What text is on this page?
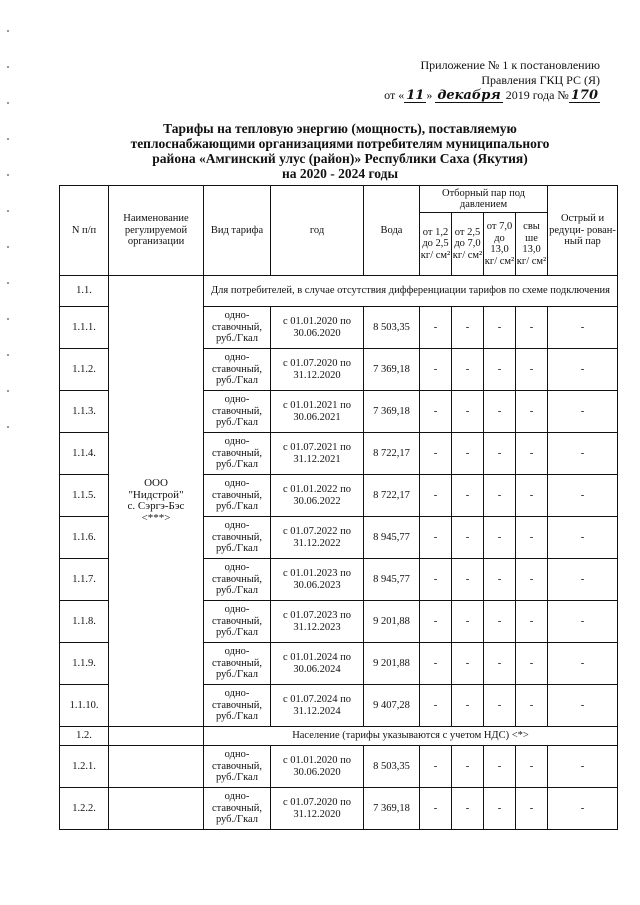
Приложение № 1 к постановлению
Правления ГКЦ РС (Я)
от « 11 » декабря 2019 года № 170
Тарифы на тепловую энергию (мощность), поставляемую
теплоснабжающими организациями потребителям муниципального
района «Амгинский улус (район)» Республики Саха (Якутия)
на 2020 - 2024 годы
N п/п	Наименование регулируемой организации	Вид тарифа	год	Вода	Отборный пар под давлением				Острый и редуци- рован- ный пар
					от 1,2 до 2,5 кг/ см²	от 2,5 до 7,0 кг/ см²	от 7,0 до 13,0 кг/ см²	свы ше 13,0 кг/ см²	
1.1.	ООО
"Нидстрой"
с. Сэргэ-Бэс
<***>	Для потребителей, в случае отсутствия дифференциации тарифов по схеме подключения							
1.1.1.		одно- ставочный, руб./Гкал	с 01.01.2020 по 30.06.2020	8 503,35	-	-	-	-	-
1.1.2.		одно- ставочный, руб./Гкал	с 01.07.2020 по 31.12.2020	7 369,18	-	-	-	-	-
1.1.3.		одно- ставочный, руб./Гкал	с 01.01.2021 по 30.06.2021	7 369,18	-	-	-	-	-
1.1.4.		одно- ставочный, руб./Гкал	с 01.07.2021 по 31.12.2021	8 722,17	-	-	-	-	-
1.1.5.		одно- ставочный, руб./Гкал	с 01.01.2022 по 30.06.2022	8 722,17	-	-	-	-	-
1.1.6.		одно- ставочный, руб./Гкал	с 01.07.2022 по 31.12.2022	8 945,77	-	-	-	-	-
1.1.7.		одно- ставочный, руб./Гкал	с 01.01.2023 по 30.06.2023	8 945,77	-	-	-	-	-
1.1.8.		одно- ставочный, руб./Гкал	с 01.07.2023 по 31.12.2023	9 201,88	-	-	-	-	-
1.1.9.		одно- ставочный, руб./Гкал	с 01.01.2024 по 30.06.2024	9 201,88	-	-	-	-	-
1.1.10.		одно- ставочный, руб./Гкал	с 01.07.2024 по 31.12.2024	9 407,28	-	-	-	-	-
1.2.		Население (тарифы указываются с учетом НДС) <*>							
1.2.1.		одно- ставочный, руб./Гкал	с 01.01.2020 по 30.06.2020	8 503,35	-	-	-	-	-
1.2.2.		одно- ставочный, руб./Гкал	с 01.07.2020 по 31.12.2020	7 369,18	-	-	-	-	-
